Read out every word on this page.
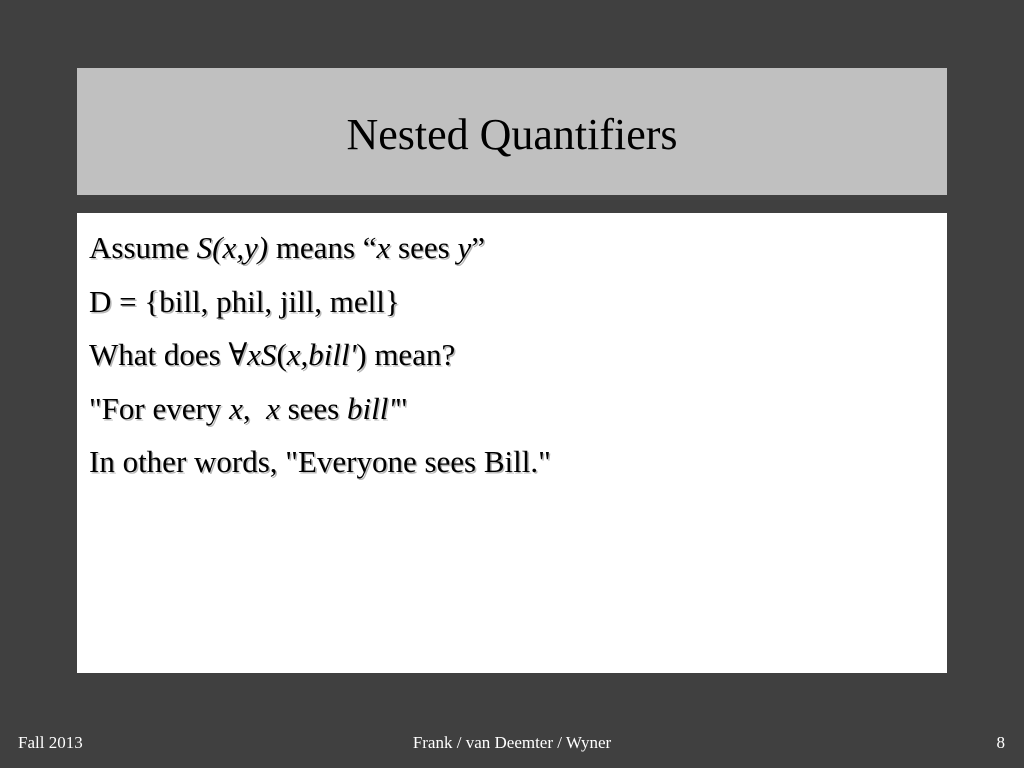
Nested Quantifiers
Assume S(x,y) means “x sees y”
D = {bill, phil, jill, mell}
What does ∀xS(x,bill') mean?
"For every x,  x sees bill'"
In other words, "Everyone sees Bill."
Fall 2013	Frank / van Deemter / Wyner	8
